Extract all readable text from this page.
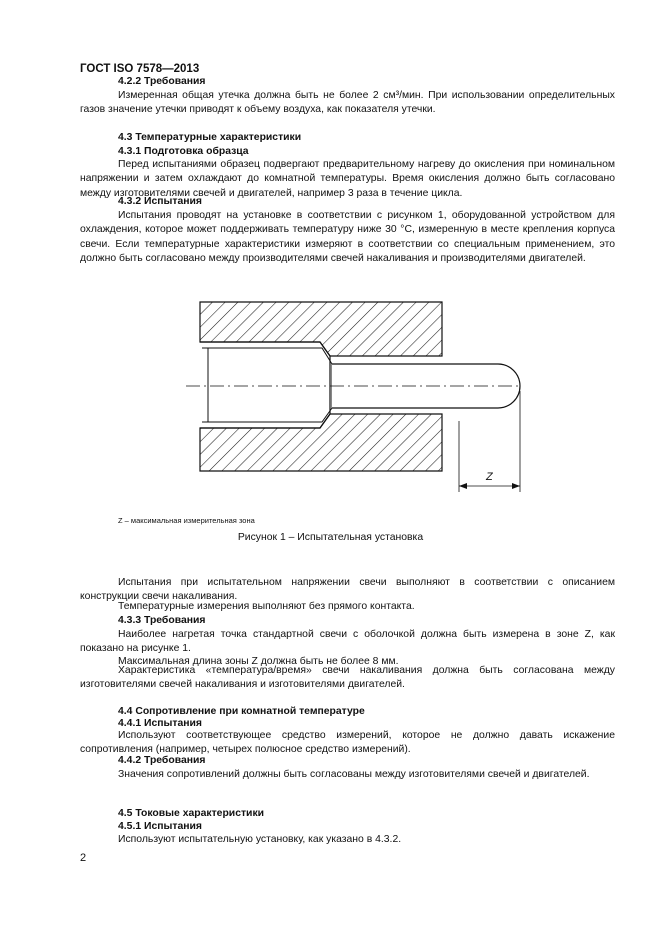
ГОСТ ISO 7578—2013
4.2.2 Требования
Измеренная общая утечка должна быть не более 2 см³/мин. При использовании определительных газов значение утечки приводят к объему воздуха, как показателя утечки.
4.3 Температурные характеристики
4.3.1 Подготовка образца
Перед испытаниями образец подвергают предварительному нагреву до окисления при номинальном напряжении и затем охлаждают до комнатной температуры. Время окисления должно быть согласовано между изготовителями свечей и двигателей, например 3 раза в течение цикла.
4.3.2 Испытания
Испытания проводят на установке в соответствии с рисунком 1, оборудованной устройством для охлаждения, которое может поддерживать температуру ниже 30 °С, измеренную в месте крепления корпуса свечи. Если температурные характеристики измеряют в соответствии со специальным применением, это должно быть согласовано между производителями свечей накаливания и производителями двигателей.
Z
Z – максимальная измерительная зона
Рисунок 1 – Испытательная установка
Испытания при испытательном напряжении свечи выполняют в соответствии с описанием конструкции свечи накаливания.
Температурные измерения выполняют без прямого контакта.
4.3.3 Требования
Наиболее нагретая точка стандартной свечи с оболочкой должна быть измерена в зоне Z, как показано на рисунке 1.
Максимальная длина зоны Z должна быть не более 8 мм.
Характеристика «температура/время» свечи накаливания должна быть согласована между изготовителями свечей накаливания и изготовителями двигателей.
4.4 Сопротивление при комнатной температуре
4.4.1 Испытания
Используют соответствующее средство измерений, которое не должно давать искажение сопротивления (например, четырех полюсное средство измерений).
4.4.2 Требования
Значения сопротивлений должны быть согласованы между изготовителями свечей и двигателей.
4.5 Токовые характеристики
4.5.1 Испытания
Используют испытательную установку, как указано в 4.3.2.
2
